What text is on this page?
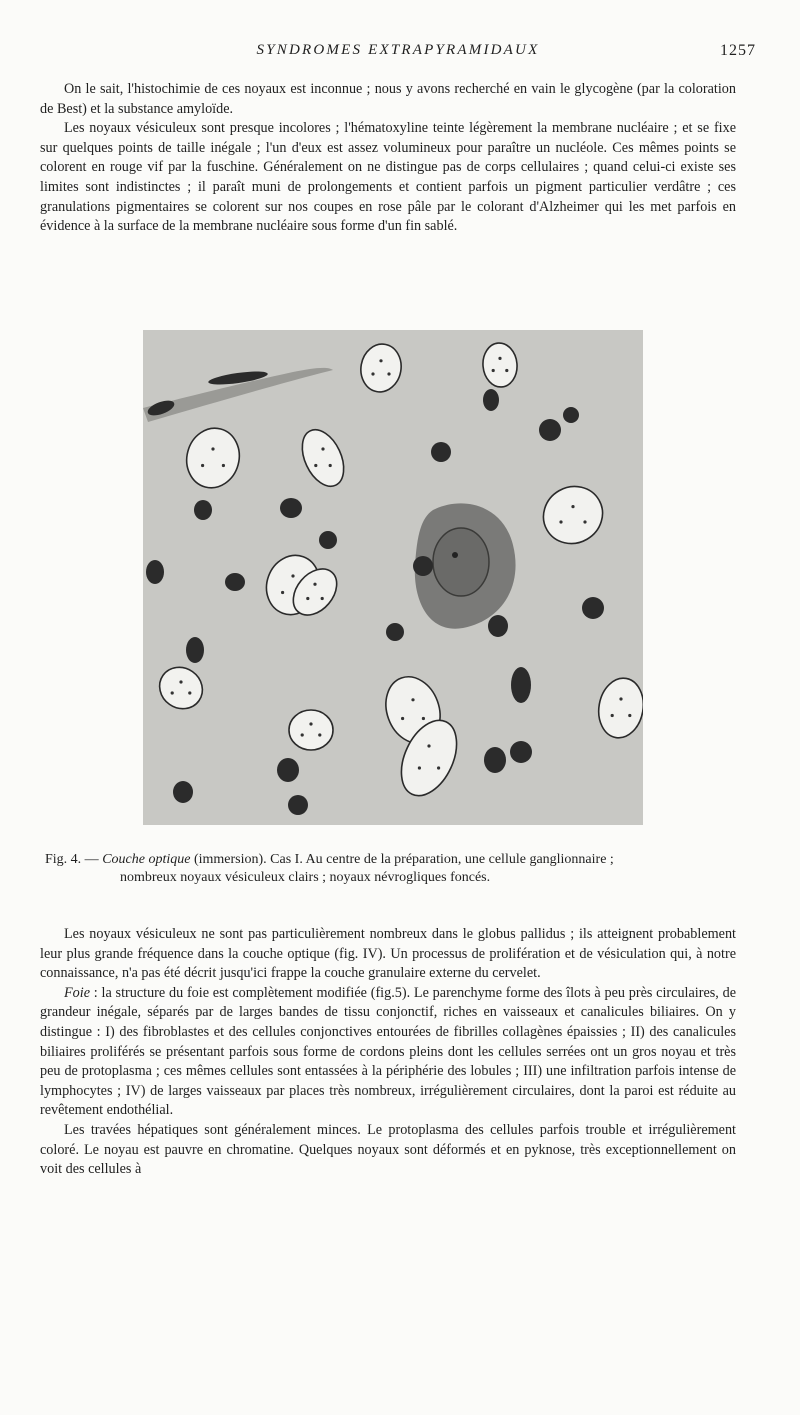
SYNDROMES EXTRAPYRAMIDAUX	1257

On le sait, l'histochimie de ces noyaux est inconnue ; nous y avons recherché en vain le glycogène (par la coloration de Best) et la substance amyloïde.

Les noyaux vésiculeux sont presque incolores ; l'hématoxyline teinte légèrement la membrane nucléaire ; et se fixe sur quelques points de taille inégale ; l'un d'eux est assez volumineux pour paraître un nucléole. Ces mêmes points se colorent en rouge vif par la fuschine. Généralement on ne distingue pas de corps cellulaires ; quand celui-ci existe ses limites sont indistinctes ; il paraît muni de prolongements et contient parfois un pigment particulier verdâtre ; ces granulations pigmentaires se colorent sur nos coupes en rose pâle par le colorant d'Alzheimer qui les met parfois en évidence à la surface de la membrane nucléaire sous forme d'un fin sablé.

Fig. 4. — Couche optique (immersion). Cas I. Au centre de la préparation, une cellule ganglionnaire ;
nombreux noyaux vésiculeux clairs ; noyaux névrogliques foncés.

Les noyaux vésiculeux ne sont pas particulièrement nombreux dans le globus pallidus ; ils atteignent probablement leur plus grande fréquence dans la couche optique (fig. IV). Un processus de prolifération et de vésiculation qui, à notre connaissance, n'a pas été décrit jusqu'ici frappe la couche granulaire externe du cervelet.

Foie : la structure du foie est complètement modifiée (fig.5). Le parenchyme forme des îlots à peu près circulaires, de grandeur inégale, séparés par de larges bandes de tissu conjonctif, riches en vaisseaux et canalicules biliaires. On y distingue : I) des fibroblastes et des cellules conjonctives entourées de fibrilles collagènes épaissies ; II) des canalicules biliaires proliférés se présentant parfois sous forme de cordons pleins dont les cellules serrées ont un gros noyau et très peu de protoplasma ; ces mêmes cellules sont entassées à la périphérie des lobules ; III) une infiltration parfois intense de lymphocytes ; IV) de larges vaisseaux par places très nombreux, irrégulièrement circulaires, dont la paroi est réduite au revêtement endothélial.

Les travées hépatiques sont généralement minces. Le protoplasma des cellules parfois trouble et irrégulièrement coloré. Le noyau est pauvre en chromatine. Quelques noyaux sont déformés et en pyknose, très exceptionnellement on voit des cellules à
